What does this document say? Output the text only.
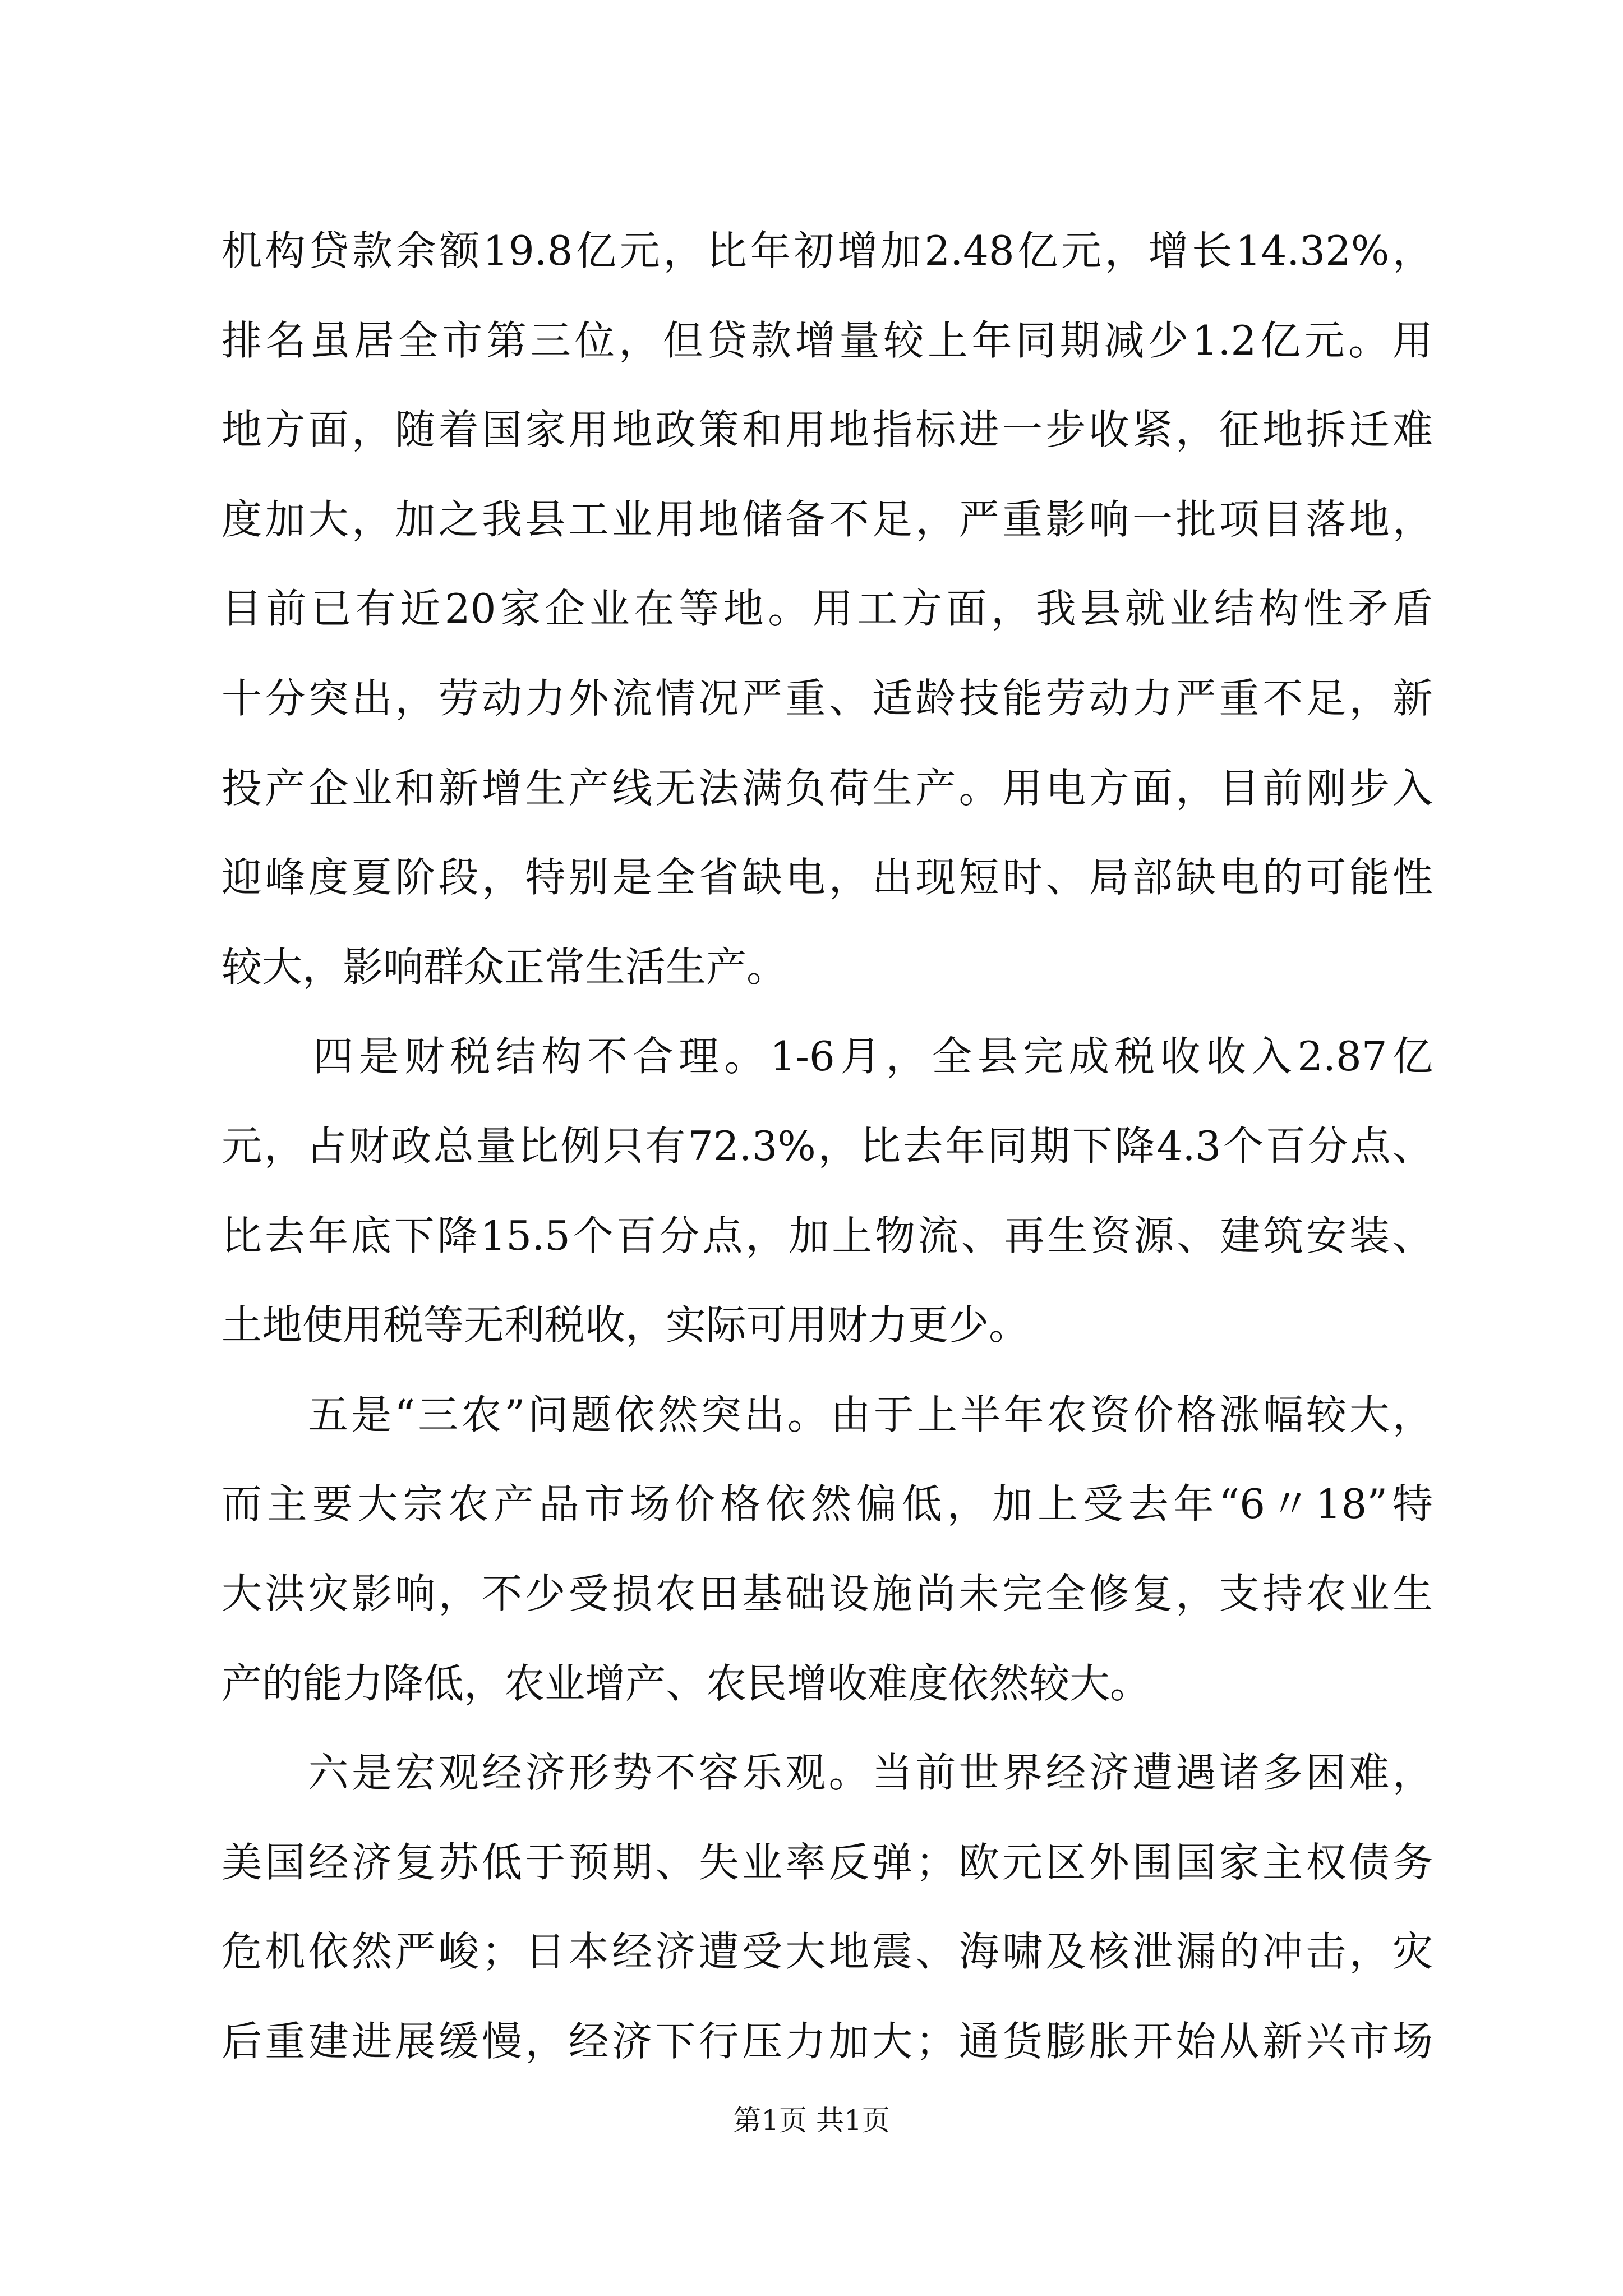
机构贷款余额19.8亿元，比年初增加2.48亿元，增长14.32%，
排名虽居全市第三位，但贷款增量较上年同期减少1.2亿元。用
地方面，随着国家用地政策和用地指标进一步收紧，征地拆迁难
度加大，加之我县工业用地储备不足，严重影响一批项目落地，
目前已有近20家企业在等地。用工方面，我县就业结构性矛盾
十分突出，劳动力外流情况严重、适龄技能劳动力严重不足，新
投产企业和新增生产线无法满负荷生产。用电方面，目前刚步入
迎峰度夏阶段，特别是全省缺电，出现短时、局部缺电的可能性
较大，影响群众正常生活生产。
　　四是财税结构不合理。1-6月，全县完成税收收入2.87亿
元，占财政总量比例只有72.3%，比去年同期下降4.3个百分点、
比去年底下降15.5个百分点，加上物流、再生资源、建筑安装、
土地使用税等无利税收，实际可用财力更少。
　　五是“三农”问题依然突出。由于上半年农资价格涨幅较大，
而主要大宗农产品市场价格依然偏低，加上受去年“6〃18”特
大洪灾影响，不少受损农田基础设施尚未完全修复，支持农业生
产的能力降低，农业增产、农民增收难度依然较大。
　　六是宏观经济形势不容乐观。当前世界经济遭遇诸多困难，
美国经济复苏低于预期、失业率反弹；欧元区外围国家主权债务
危机依然严峻；日本经济遭受大地震、海啸及核泄漏的冲击，灾
后重建进展缓慢，经济下行压力加大；通货膨胀开始从新兴市场
第1页 共1页
